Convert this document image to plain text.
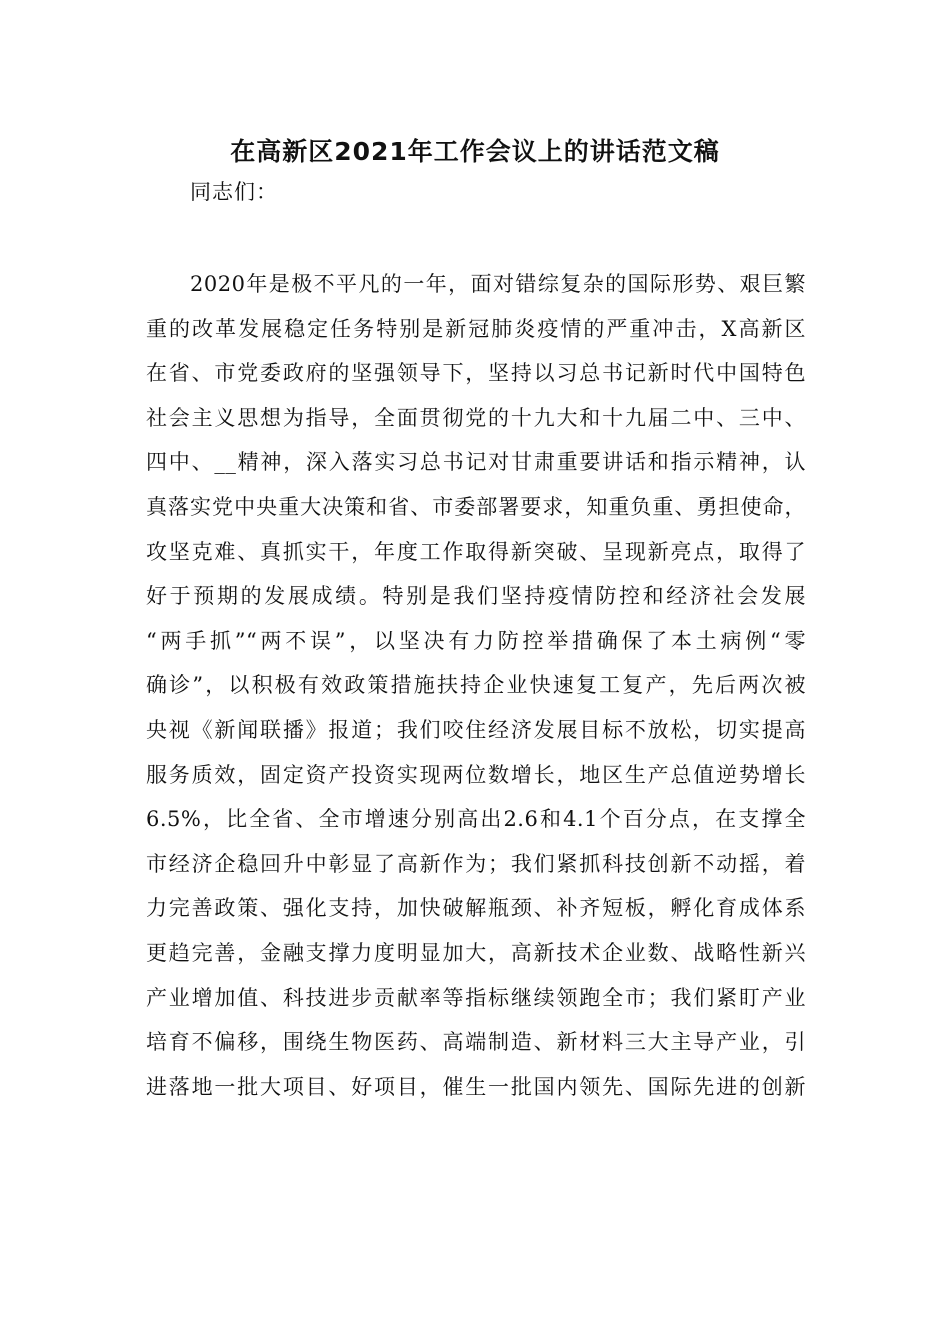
在高新区2021年工作会议上的讲话范文稿

同志们：

2020年是极不平凡的一年，面对错综复杂的国际形势、艰巨繁
重的改革发展稳定任务特别是新冠肺炎疫情的严重冲击，X高新区
在省、市党委政府的坚强领导下，坚持以习总书记新时代中国特色
社会主义思想为指导，全面贯彻党的十九大和十九届二中、三中、
四中、__精神，深入落实习总书记对甘肃重要讲话和指示精神，认
真落实党中央重大决策和省、市委部署要求，知重负重、勇担使命，
攻坚克难、真抓实干，年度工作取得新突破、呈现新亮点，取得了
好于预期的发展成绩。特别是我们坚持疫情防控和经济社会发展
“两手抓”“两不误”，以坚决有力防控举措确保了本土病例“零
确诊”，以积极有效政策措施扶持企业快速复工复产，先后两次被
央视《新闻联播》报道；我们咬住经济发展目标不放松，切实提高
服务质效，固定资产投资实现两位数增长，地区生产总值逆势增长
6.5%，比全省、全市增速分别高出2.6和4.1个百分点，在支撑全
市经济企稳回升中彰显了高新作为；我们紧抓科技创新不动摇，着
力完善政策、强化支持，加快破解瓶颈、补齐短板，孵化育成体系
更趋完善，金融支撑力度明显加大，高新技术企业数、战略性新兴
产业增加值、科技进步贡献率等指标继续领跑全市；我们紧盯产业
培育不偏移，围绕生物医药、高端制造、新材料三大主导产业，引
进落地一批大项目、好项目，催生一批国内领先、国际先进的创新
